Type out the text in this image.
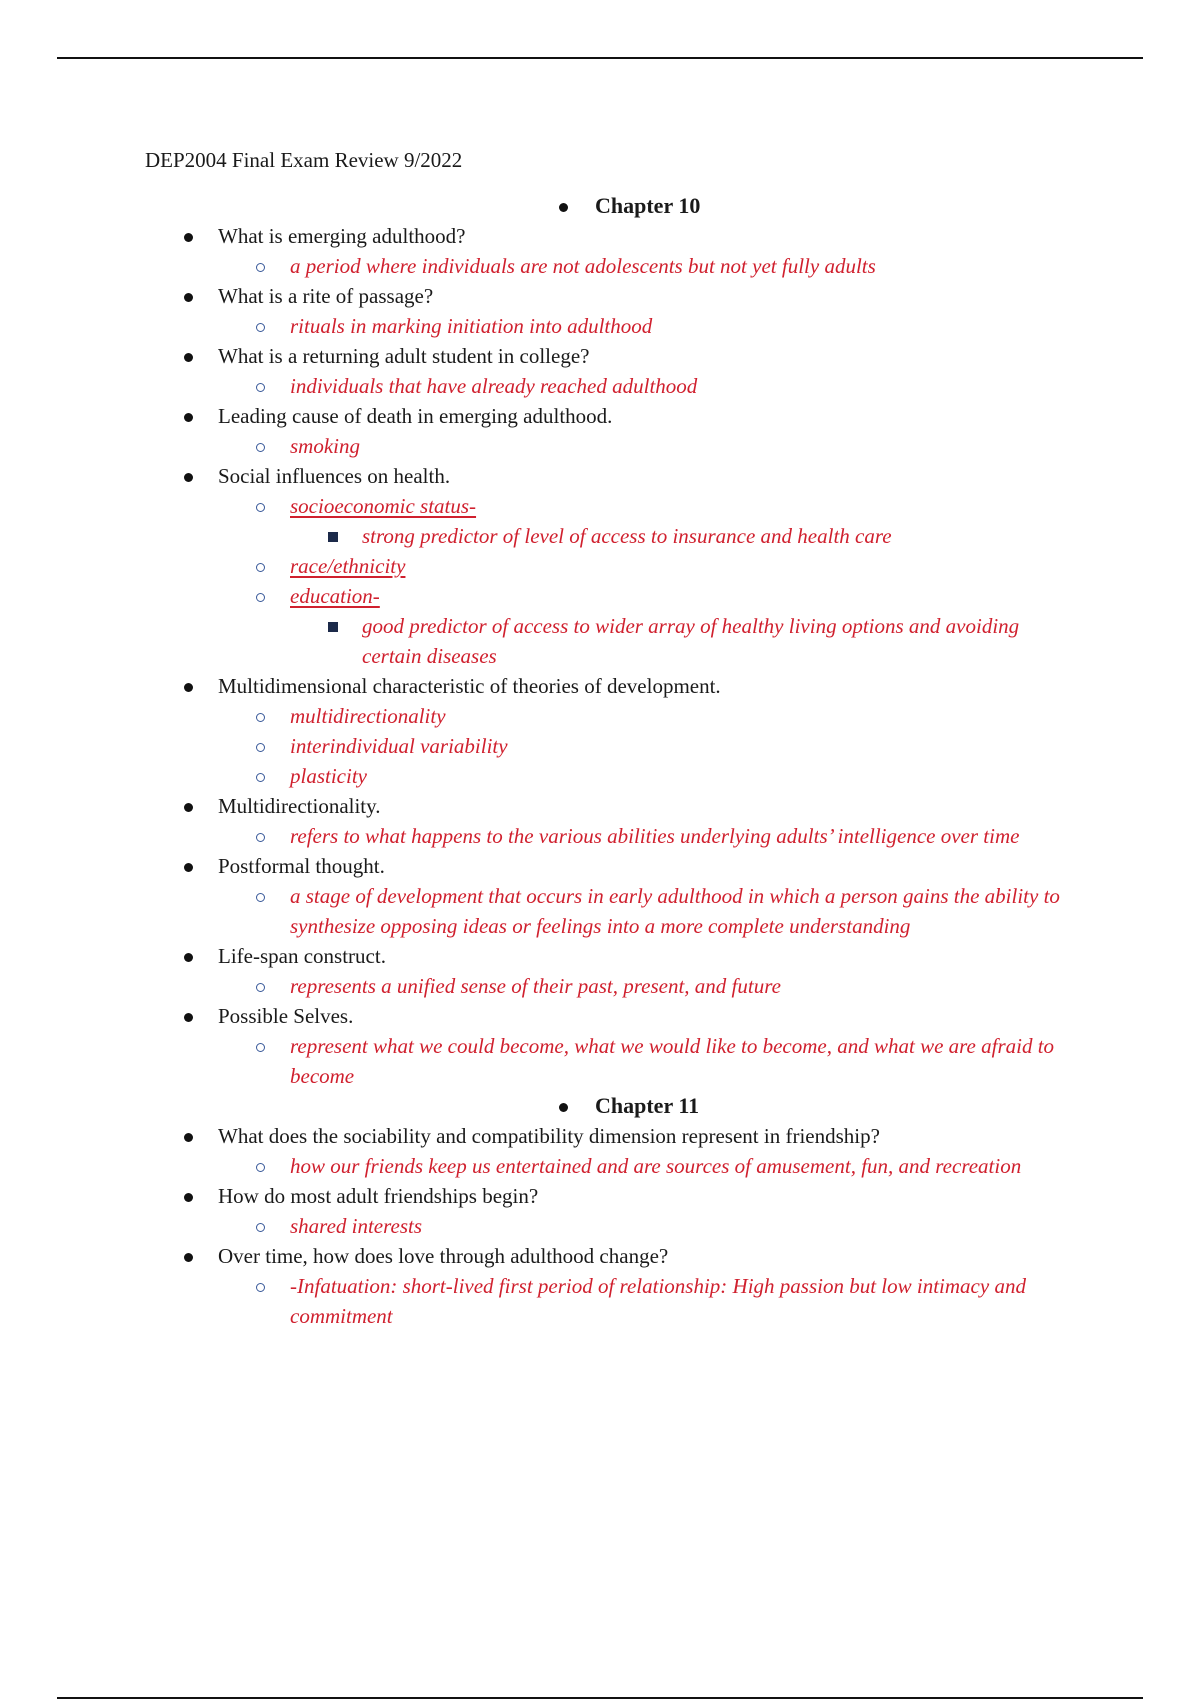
DEP2004 Final Exam Review 9/2022
Chapter 10
What is emerging adulthood?
a period where individuals are not adolescents but not yet fully adults
What is a rite of passage?
rituals in marking initiation into adulthood
What is a returning adult student in college?
individuals that have already reached adulthood
Leading cause of death in emerging adulthood.
smoking
Social influences on health.
socioeconomic status-
strong predictor of level of access to insurance and health care
race/ethnicity
education-
good predictor of access to wider array of healthy living options and avoiding certain diseases
Multidimensional characteristic of theories of development.
multidirectionality
interindividual variability
plasticity
Multidirectionality.
refers to what happens to the various abilities underlying adults’ intelligence over time
Postformal thought.
a stage of development that occurs in early adulthood in which a person gains the ability to synthesize opposing ideas or feelings into a more complete understanding
Life-span construct.
represents a unified sense of their past, present, and future
Possible Selves.
represent what we could become, what we would like to become, and what we are afraid to become
Chapter 11
What does the sociability and compatibility dimension represent in friendship?
how our friends keep us entertained and are sources of amusement, fun, and recreation
How do most adult friendships begin?
shared interests
Over time, how does love through adulthood change?
-Infatuation: short-lived first period of relationship: High passion but low intimacy and commitment
